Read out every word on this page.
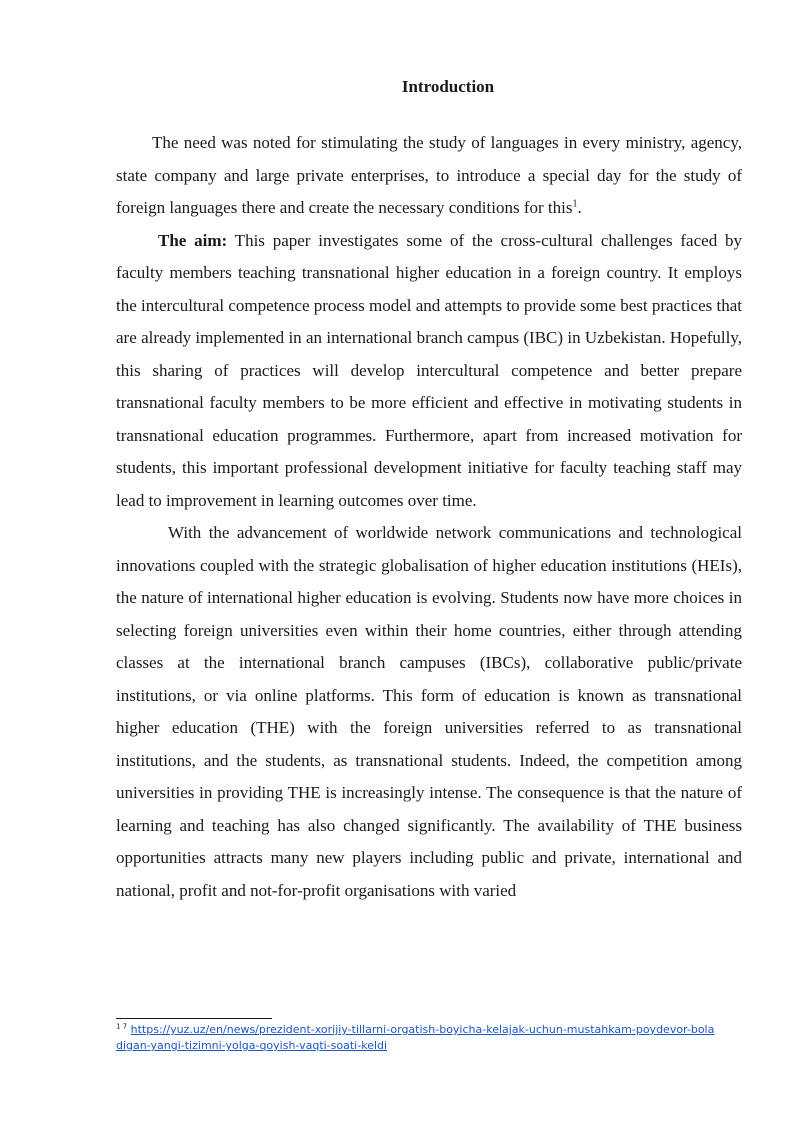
Introduction

The need was noted for stimulating the study of languages in every ministry, agency, state company and large private enterprises, to introduce a special day for the study of foreign languages there and create the necessary conditions for this$^1$.

The aim: This paper investigates some of the cross-cultural challenges faced by faculty members teaching transnational higher education in a foreign country. It employs the intercultural competence process model and attempts to provide some best practices that are already implemented in an international branch campus (IBC) in Uzbekistan. Hopefully, this sharing of practices will develop intercultural competence and better prepare transnational faculty members to be more efficient and effective in motivating students in transnational education programmes. Furthermore, apart from increased motivation for students, this important professional development initiative for faculty teaching staff may lead to improvement in learning outcomes over time.

With the advancement of worldwide network communications and technological innovations coupled with the strategic globalisation of higher education institutions (HEIs), the nature of international higher education is evolving. Students now have more choices in selecting foreign universities even within their home countries, either through attending classes at the international branch campuses (IBCs), collaborative public/private institutions, or via online platforms. This form of education is known as transnational higher education (THE) with the foreign universities referred to as transnational institutions, and the students, as transnational students. Indeed, the competition among universities in providing THE is increasingly intense. The consequence is that the nature of learning and teaching has also changed significantly. The availability of THE business opportunities attracts many new players including public and private, international and national, profit and not-for-profit organisations with varied

$^{1 7}$ https://yuz.uz/en/news/prezident-xorijiy-tillarni-orgatish-boyicha-kelajak-uchun-mustahkam-poydevor-boladigan-yangi-tizimni-yolga-qoyish-vaqti-soati-keldi
